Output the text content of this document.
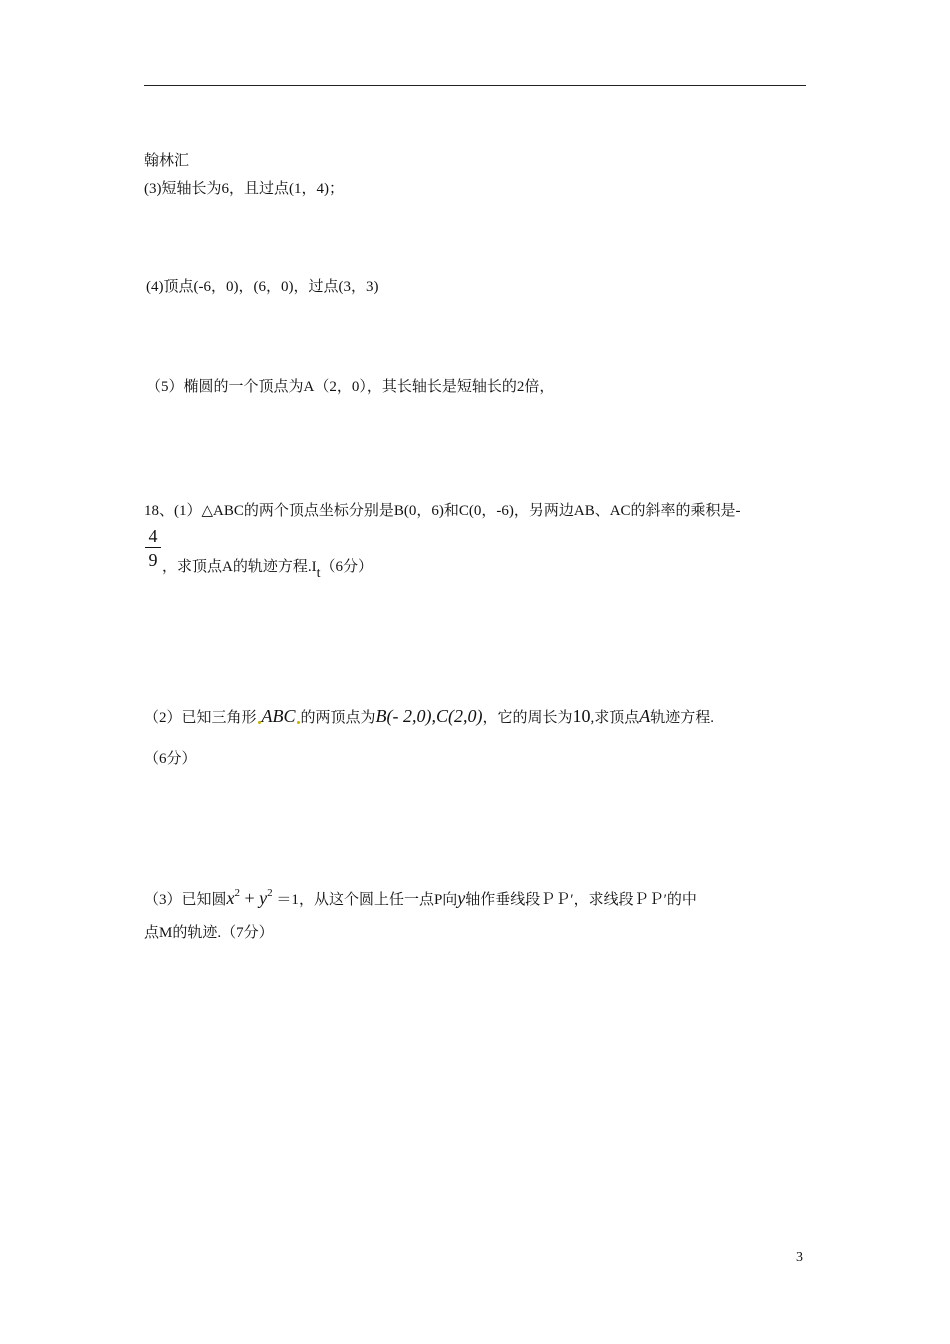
翰林汇
(3)短轴长为6，且过点(1，4)；
(4)顶点(-6，0)，(6，0)，过点(3，3)
（5）椭圆的一个顶点为A（2，0），其长轴长是短轴长的2倍，
18、(1）△ABC的两个顶点坐标分别是B(0，6)和C(0，-6)，另两边AB、AC的斜率的乘积是-
$\frac{4}{9}$ ，求顶点A的轨迹方程.It（6分）
（2）已知三角形 ABC 的两顶点为B(- 2,0),C(2,0)，它的周长为10,求顶点A轨迹方程.
（6分）
（3）已知圆$x^2 + y^2 =1$，从这个圆上任一点P向y轴作垂线段ＰＰ′，求线段ＰＰ′的中
点M的轨迹.（7分）
3
